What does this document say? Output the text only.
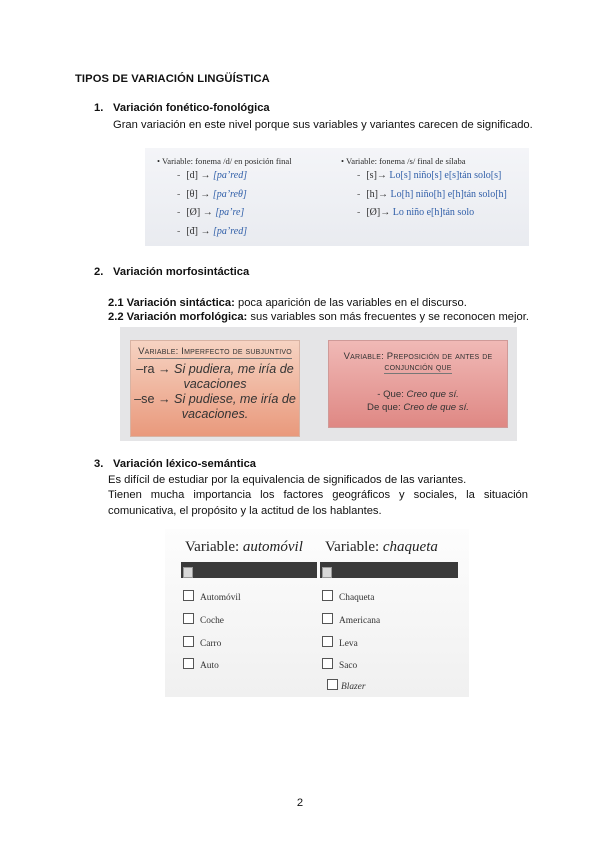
TIPOS DE VARIACIÓN LINGÜÍSTICA
1. Variación fonético-fonológica
Gran variación en este nivel porque sus variables y variantes carecen de significado.
• Variable: fonema /d/ en posición final
- [d] → [pa’red]
- [θ] → [pa’reθ]
- [Ø] → [pa’re]
- [đ] → [pa’red]
• Variable: fonema /s/ final de sílaba
- [s]→ Lo[s] niño[s] e[s]tán solo[s]
- [h]→ Lo[h] niño[h] e[h]tán solo[h]
- [Ø]→ Lo niño e[h]tán solo
2. Variación morfosintáctica
2.1 Variación sintáctica: poca aparición de las variables en el discurso.
2.2 Variación morfológica: sus variables son más frecuentes y se reconocen mejor.
Variable: Imperfecto de subjuntivo
–ra → Si pudiera, me iría de
vacaciones
–se → Si pudiese, me iría de
vacaciones.
Variable: Preposición de antes de
conjunción que
- Que: Creo que sí.
De que: Creo de que sí.
3. Variación léxico-semántica
Es difícil de estudiar por la equivalencia de significados de las variantes.
Tienen mucha importancia los factores geográficos y sociales, la situación comunicativa, el propósito y la actitud de los hablantes.
Variable: automóvil Variable: chaqueta
Automóvil
Coche
Carro
Auto
Chaqueta
Americana
Leva
Saco
Blazer
2
